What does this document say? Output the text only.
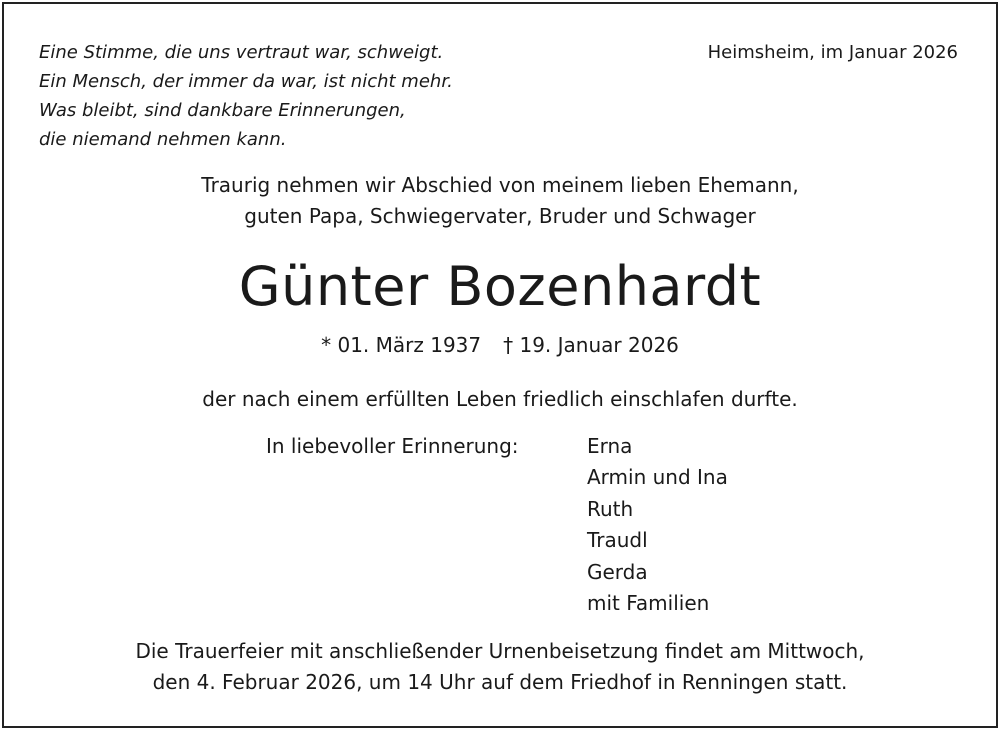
Eine Stimme, die uns vertraut war, schweigt.
Ein Mensch, der immer da war, ist nicht mehr.
Was bleibt, sind dankbare Erinnerungen,
die niemand nehmen kann.

Heimsheim, im Januar 2026
Traurig nehmen wir Abschied von meinem lieben Ehemann,
guten Papa, Schwiegervater, Bruder und Schwager
Günter Bozenhardt
* 01. März 1937 † 19. Januar 2026
der nach einem erfüllten Leben friedlich einschlafen durfte.
In liebevoller Erinnerung:	Erna
Armin und Ina
Ruth
Traudl
Gerda
mit Familien
Die Trauerfeier mit anschließender Urnenbeisetzung findet am Mittwoch,
den 4. Februar 2026, um 14 Uhr auf dem Friedhof in Renningen statt.
